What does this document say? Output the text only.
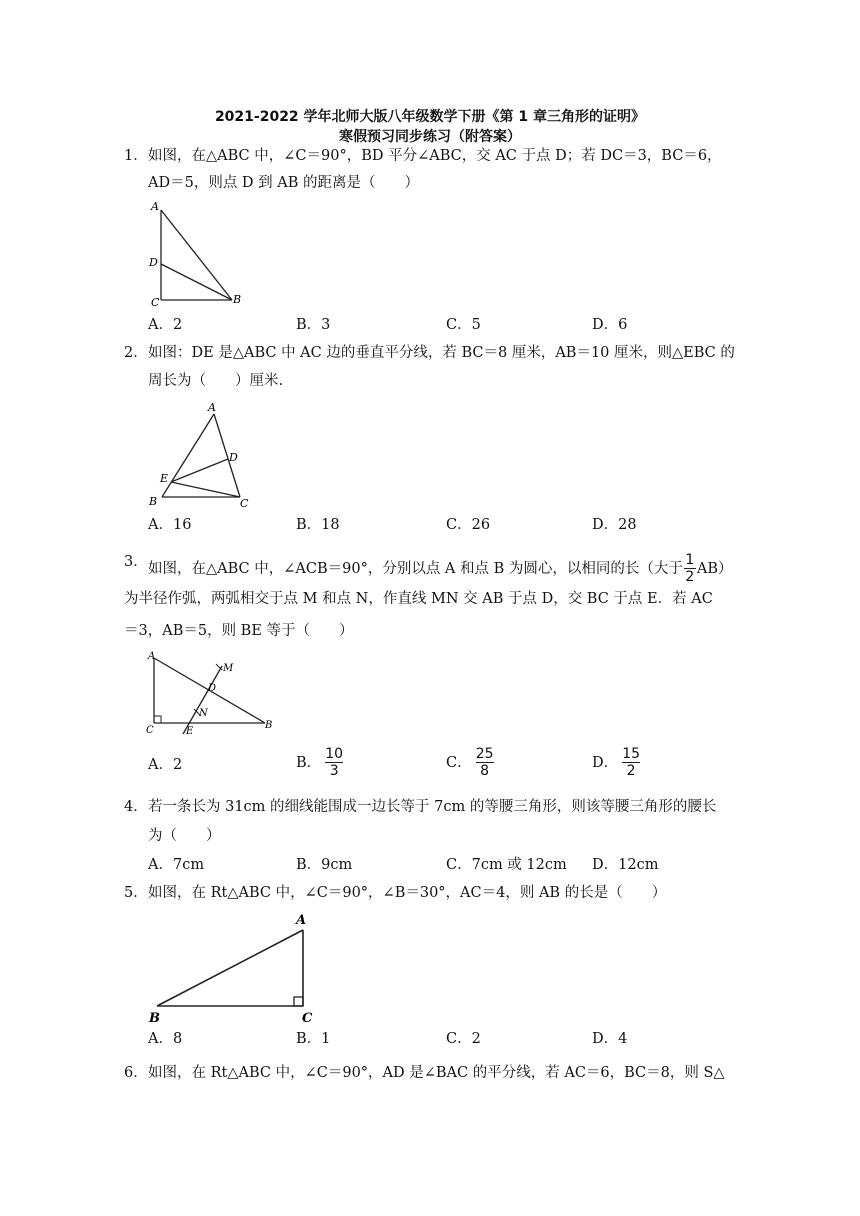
2021-2022 学年北师大版八年级数学下册《第 1 章三角形的证明》
寒假预习同步练习（附答案）
1． 如图，在△ABC 中，∠C＝90°，BD 平分∠ABC，交 AC 于点 D；若 DC＝3，BC＝6，
AD＝5，则点 D 到 AB 的距离是（　　）
A
D
C	B
A．2	B．3	C．5	D．6
2． 如图：DE 是△ABC 中 AC 边的垂直平分线，若 BC＝8 厘米，AB＝10 厘米，则△EBC 的
周长为（　　）厘米.
A
D
E
B	C
A．16	B．18	C．26	D．28
3． 如图，在△ABC 中，∠ACB＝90°，分别以点 A 和点 B 为圆心，以相同的长（大于 $\frac{1}{2} AB$）
为半径作弧，两弧相交于点 M 和点 N，作直线 MN 交 AB 于点 D，交 BC 于点 E．若 AC
＝3，AB＝5，则 BE 等于（　　）
M
D
N
A
C	E
B
A．2	B． $\frac{10}{3}$	C． $\frac{25}{8}$	D． $\frac{15}{2}$
4． 若一条长为 31cm 的细线能围成一边长等于 7cm 的等腰三角形，则该等腰三角形的腰长
为（　　）
A．7cm	B．9cm	C．7cm 或 12cm D．12cm
5． 如图，在 Rt△ABC 中，∠C＝90°，∠B＝30°，AC＝4，则 AB 的长是（　　）
A
B	C
A．8	B．1	C．2	D．4
6． 如图，在 Rt△ABC 中，∠C＝90°，AD 是∠BAC 的平分线，若 AC＝6，BC＝8，则 S△
